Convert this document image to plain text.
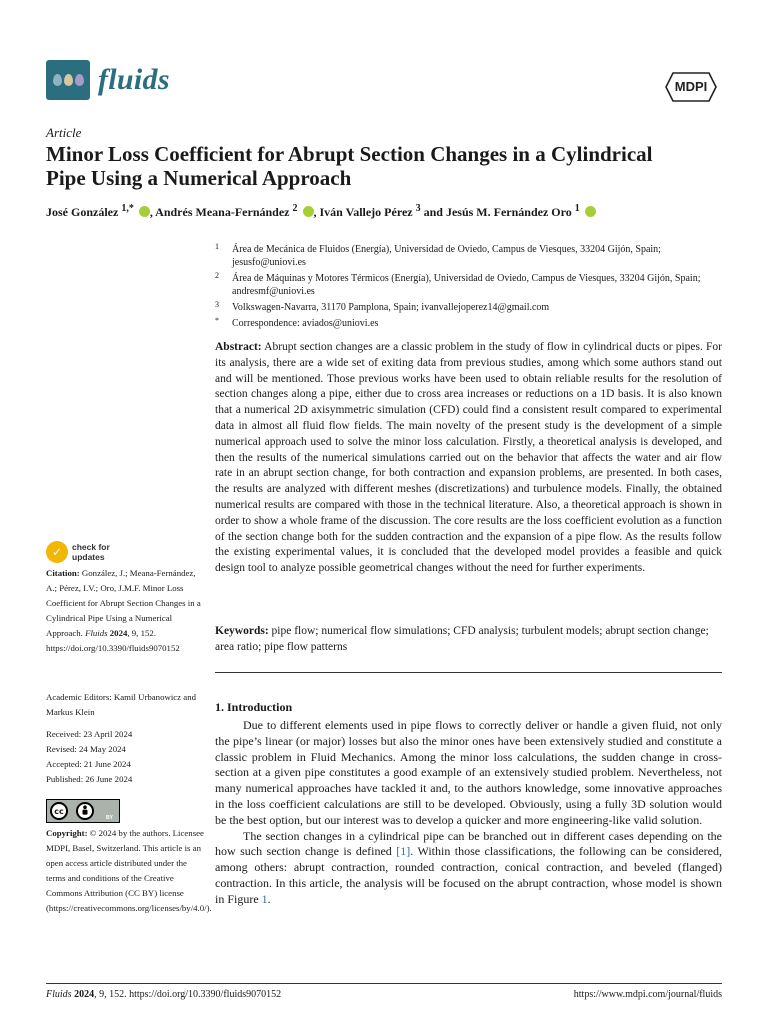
fluids	MDPI
Article
Minor Loss Coefficient for Abrupt Section Changes in a Cylindrical Pipe Using a Numerical Approach
José González $^{1,*}$ , Andrés Meana-Fernández $^2$ , Iván Vallejo Pérez $^3$ and Jesús M. Fernández Oro $^1$
1 Área de Mecánica de Fluidos (Energía), Universidad de Oviedo, Campus de Viesques, 33204 Gijón, Spain; jesusfo@uniovi.es
2 Área de Máquinas y Motores Térmicos (Energía), Universidad de Oviedo, Campus de Viesques, 33204 Gijón, Spain; andresmf@uniovi.es
3 Volkswagen-Navarra, 31170 Pamplona, Spain; ivanvallejoperez14@gmail.com
* Correspondence: aviados@uniovi.es
Abstract: Abrupt section changes are a classic problem in the study of flow in cylindrical ducts or pipes. For its analysis, there are a wide set of exiting data from previous studies, among which some authors stand out and will be mentioned. Those previous works have been used to obtain reliable results for the resolution of section changes along a pipe, either due to cross area increases or reductions on a 1D basis. It is also known that a numerical 2D axisymmetric simulation (CFD) could find a consistent result compared to experimental data in almost all fluid flow fields. The main novelty of the present study is the development of a simple numerical approach used to solve the minor loss calculation. Firstly, a theoretical analysis is developed, and then the results of the numerical simulations carried out on the behavior that affects the water and air flow rate in an abrupt section change, for both contraction and expansion problems, are presented. In both cases, the results are analyzed with different meshes (discretizations) and turbulence models. Finally, the obtained numerical results are compared with those in the technical literature. Also, a theoretical approach is shown in order to show a whole frame of the discussion. The core results are the loss coefficient evolution as a function of the section change both for the sudden contraction and the expansion of a pipe flow. As the results follow the existing experimental values, it is concluded that the developed model provides a feasible and quick design tool to analyze possible geometrical changes without the need for further experiments.
Keywords: pipe flow; numerical flow simulations; CFD analysis; turbulent models; abrupt section change; area ratio; pipe flow patterns
✓	check for
updates
Citation: González, J.; Meana-Fernández, A.; Pérez, I.V.; Oro, J.M.F. Minor Loss Coefficient for Abrupt Section Changes in a Cylindrical Pipe Using a Numerical Approach. Fluids 2024, 9, 152. https://doi.org/10.3390/fluids9070152
Academic Editors: Kamil Urbanowicz and Markus Klein
Received: 23 April 2024
Revised: 24 May 2024
Accepted: 21 June 2024
Published: 26 June 2024
cc
BY
Copyright: © 2024 by the authors. Licensee MDPI, Basel, Switzerland. This article is an open access article distributed under the terms and conditions of the Creative Commons Attribution (CC BY) license (https://creativecommons.org/licenses/by/4.0/).
1. Introduction

Due to different elements used in pipe flows to correctly deliver or handle a given fluid, not only the pipe’s linear (or major) losses but also the minor ones have been extensively studied and constitute a classic problem in Fluid Mechanics. Among the minor loss calculations, the sudden change in cross-section at a given pipe constitutes a good example of an extensively studied problem. Nevertheless, not many numerical approaches have tackled it and, to the authors knowledge, some innovative approaches in the loss coefficient calculations are still to be developed. Obviously, using a fully 3D solution would be the best option, but our interest was to develop a quicker and more engineering-like valid solution.

The section changes in a cylindrical pipe can be branched out in different cases depending on the how such section change is defined [1]. Within those classifications, the following can be considered, among others: abrupt contraction, rounded contraction, conical contraction, and beveled (flanged) contraction. In this article, the analysis will be focused on the abrupt contraction, whose model is shown in Figure 1.

Fluids 2024, 9, 152. https://doi.org/10.3390/fluids9070152	https://www.mdpi.com/journal/fluids
